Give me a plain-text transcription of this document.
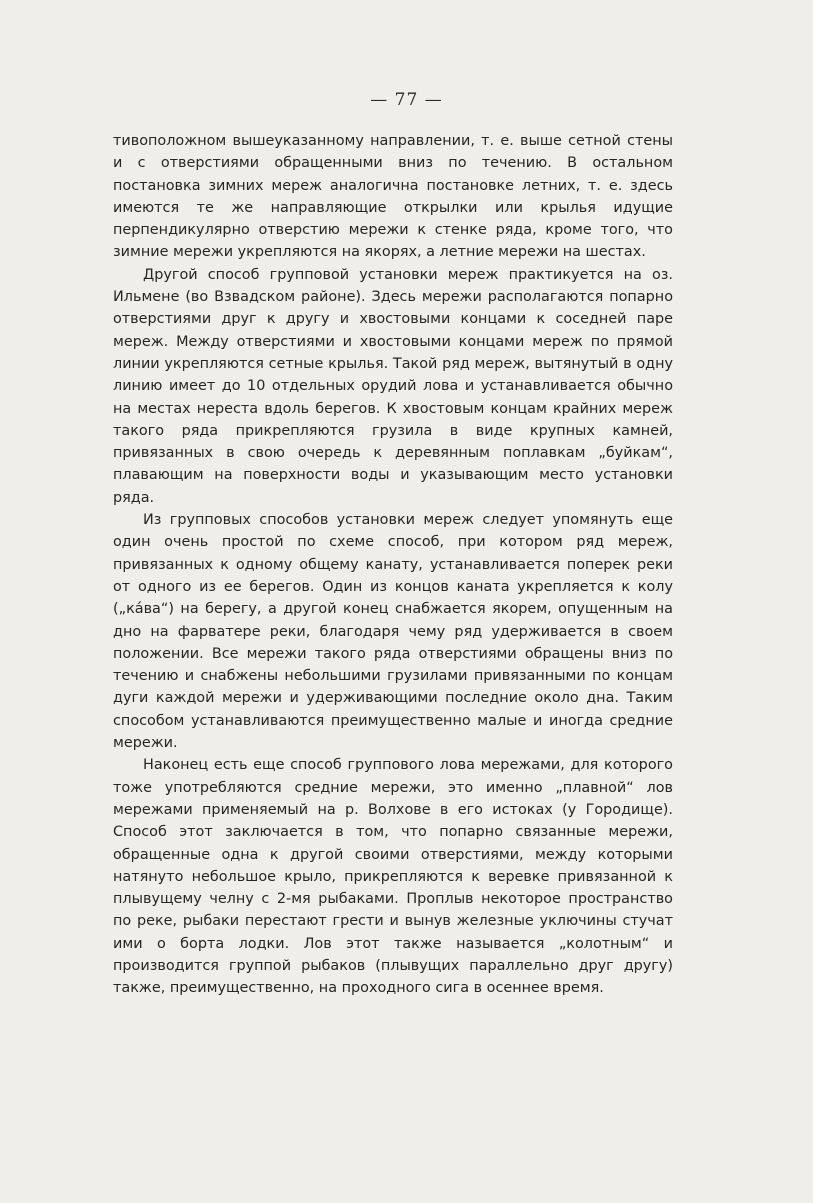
— 77 —

тивоположном вышеуказанному направлении, т. е. выше сетной стены и с отверстиями обращенными вниз по течению. В остальном постановка зимних мереж аналогична постановке летних, т. е. здесь имеются те же направляющие открылки или крылья идущие перпендикулярно отверстию мережи к стенке ряда, кроме того, что зимние мережи укрепляются на якорях, а летние мережи на шестах.

Другой способ групповой установки мереж практикуется на оз. Ильмене (во Взвадском районе). Здесь мережи располагаются попарно отверстиями друг к другу и хвостовыми концами к соседней паре мереж. Между отверстиями и хвостовыми концами мереж по прямой линии укрепляются сетные крылья. Такой ряд мереж, вытянутый в одну линию имеет до 10 отдельных орудий лова и устанавливается обычно на местах нереста вдоль берегов. К хвостовым концам крайних мереж такого ряда прикрепляются грузила в виде крупных камней, привязанных в свою очередь к деревянным поплавкам „буйкам“, плавающим на поверхности воды и указывающим место установки ряда.

Из групповых способов установки мереж следует упомянуть еще один очень простой по схеме способ, при котором ряд мереж, привязанных к одному общему канату, устанавливается поперек реки от одного из ее берегов. Один из концов каната укрепляется к колу („ка́ва“) на берегу, а другой конец снабжается якорем, опущенным на дно на фарватере реки, благодаря чему ряд удерживается в своем положении. Все мережи такого ряда отверстиями обращены вниз по течению и снабжены небольшими грузилами привязанными по концам дуги каждой мережи и удерживающими последние около дна. Таким способом устанавливаются преимущественно малые и иногда средние мережи.

Наконец есть еще способ группового лова мережами, для которого тоже употребляются средние мережи, это именно „плавной“ лов мережами применяемый на р. Волхове в его истоках (у Городище). Способ этот заключается в том, что попарно связанные мережи, обращенные одна к другой своими отверстиями, между которыми натянуто небольшое крыло, прикрепляются к веревке привязанной к плывущему челну с 2-мя рыбаками. Проплыв некоторое пространство по реке, рыбаки перестают грести и вынув железные уключины стучат ими о борта лодки. Лов этот также называется „колотным“ и производится группой рыбаков (плывущих параллельно друг другу) также, преимущественно, на проходного сига в осеннее время.
